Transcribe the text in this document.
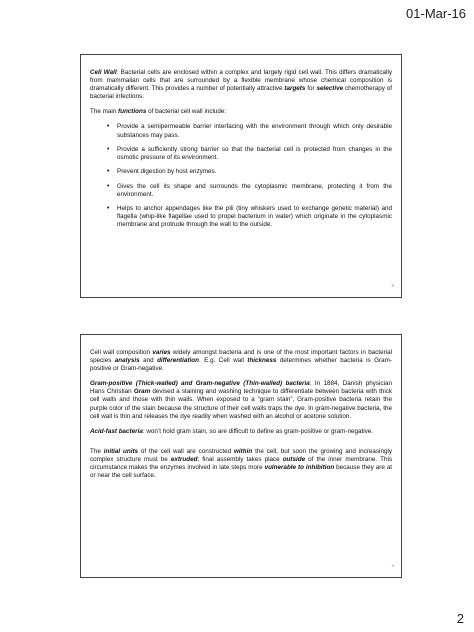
01-Mar-16

Cell Wall: Bacterial cells are enclosed within a complex and largely rigid cell wall. This differs dramatically from mammalian cells that are surrounded by a flexible membrane whose chemical composition is dramatically different. This provides a number of potentially attractive targets for selective chemotherapy of bacterial infections.

The main functions of bacterial cell wall include:

• Provide a semipermeable barrier interfacing with the environment through which only desirable substances may pass.
• Provide a sufficiently strong barrier so that the bacterial cell is protected from changes in the osmotic pressure of its environment.
• Prevent digestion by host enzymes.
• Gives the cell its shape and surrounds the cytoplasmic membrane, protecting it from the environment.
• Helps to anchor appendages like the pili (tiny whiskers used to exchange genetic material) and flagella (whip-like flagellae used to propel bacterium in water) which originate in the cytoplasmic membrane and protrude through the wall to the outside.
3

Cell wall composition varies widely amongst bacteria and is one of the most important factors in bacterial species analysis and differentiation. E.g. Cell wall thickness determines whether bacteria is Gram-positive or Gram-negative.

Gram-positive (Thick-walled) and Gram-negative (Thin-walled) bacteria: In 1884, Danish physician Hans Christian Gram devised a staining and washing technique to differentiate between bacteria with thick cell walls and those with thin walls. When exposed to a “gram stain”, Gram-positive bacteria retain the purple color of the stain because the structure of their cell walls traps the dye. In gram-negative bacteria, the cell wall is thin and releases the dye readily when washed with an alcohol or acetone solution.

Acid-fast bacteria: won’t hold gram stain, so are difficult to define as gram-positive or gram-negative.

The initial units of the cell wall are constructed within the cell, but soon the growing and increasingly complex structure must be extruded; final assembly takes place outside of the inner membrane. This circumstance makes the enzymes involved in late steps more vulnerable to inhibition because they are at or near the cell surface.

4
2
